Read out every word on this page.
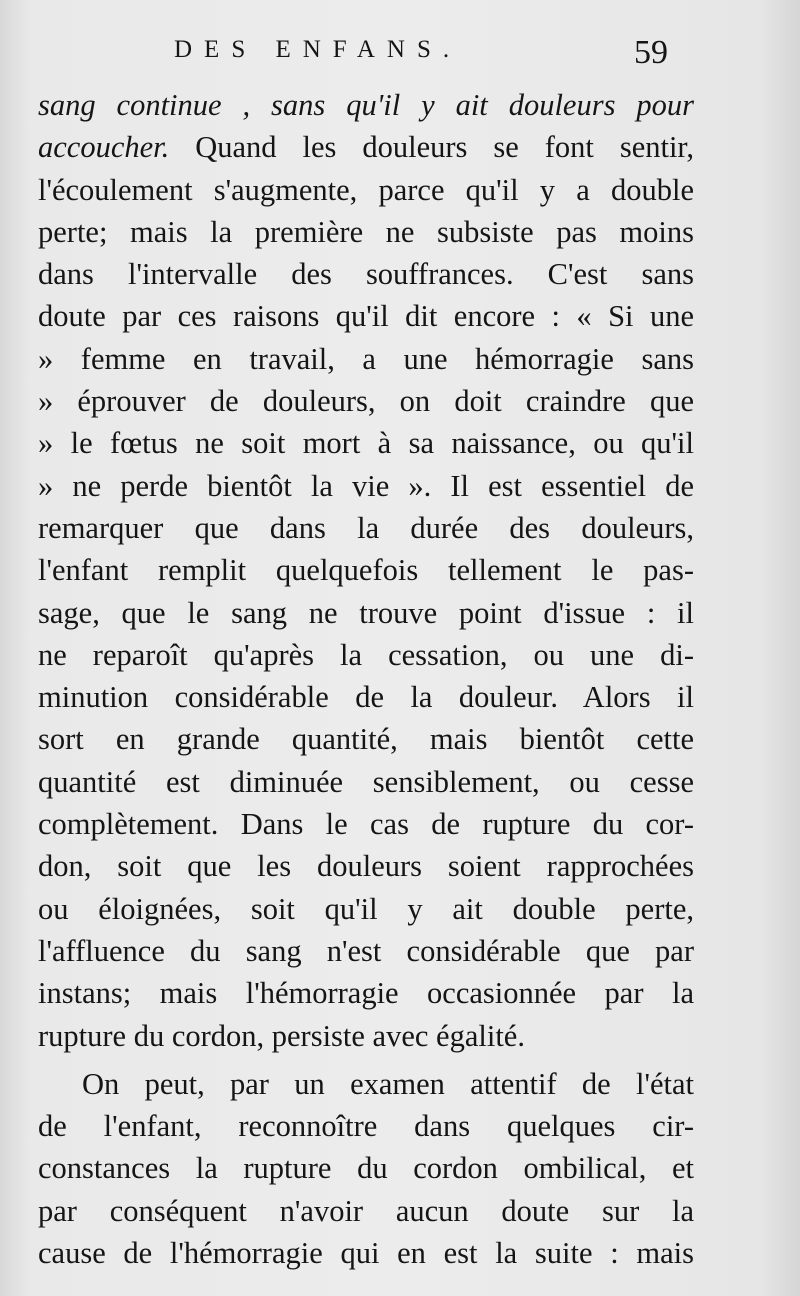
DES ENFANS.	59
sang continue , sans qu'il y ait douleurs pour
accoucher. Quand les douleurs se font sentir,
l'écoulement s'augmente, parce qu'il y a double
perte; mais la première ne subsiste pas moins
dans l'intervalle des souffrances. C'est sans
doute par ces raisons qu'il dit encore : « Si une
» femme en travail, a une hémorragie sans
» éprouver de douleurs, on doit craindre que
» le fœtus ne soit mort à sa naissance, ou qu'il
» ne perde bientôt la vie ». Il est essentiel de
remarquer que dans la durée des douleurs,
l'enfant remplit quelquefois tellement le pas-
sage, que le sang ne trouve point d'issue : il
ne reparoît qu'après la cessation, ou une di-
minution considérable de la douleur. Alors il
sort en grande quantité, mais bientôt cette
quantité est diminuée sensiblement, ou cesse
complètement. Dans le cas de rupture du cor-
don, soit que les douleurs soient rapprochées
ou éloignées, soit qu'il y ait double perte,
l'affluence du sang n'est considérable que par
instans; mais l'hémorragie occasionnée par la
rupture du cordon, persiste avec égalité.
On peut, par un examen attentif de l'état
de l'enfant, reconnoître dans quelques cir-
constances la rupture du cordon ombilical, et
par conséquent n'avoir aucun doute sur la
cause de l'hémorragie qui en est la suite : mais
